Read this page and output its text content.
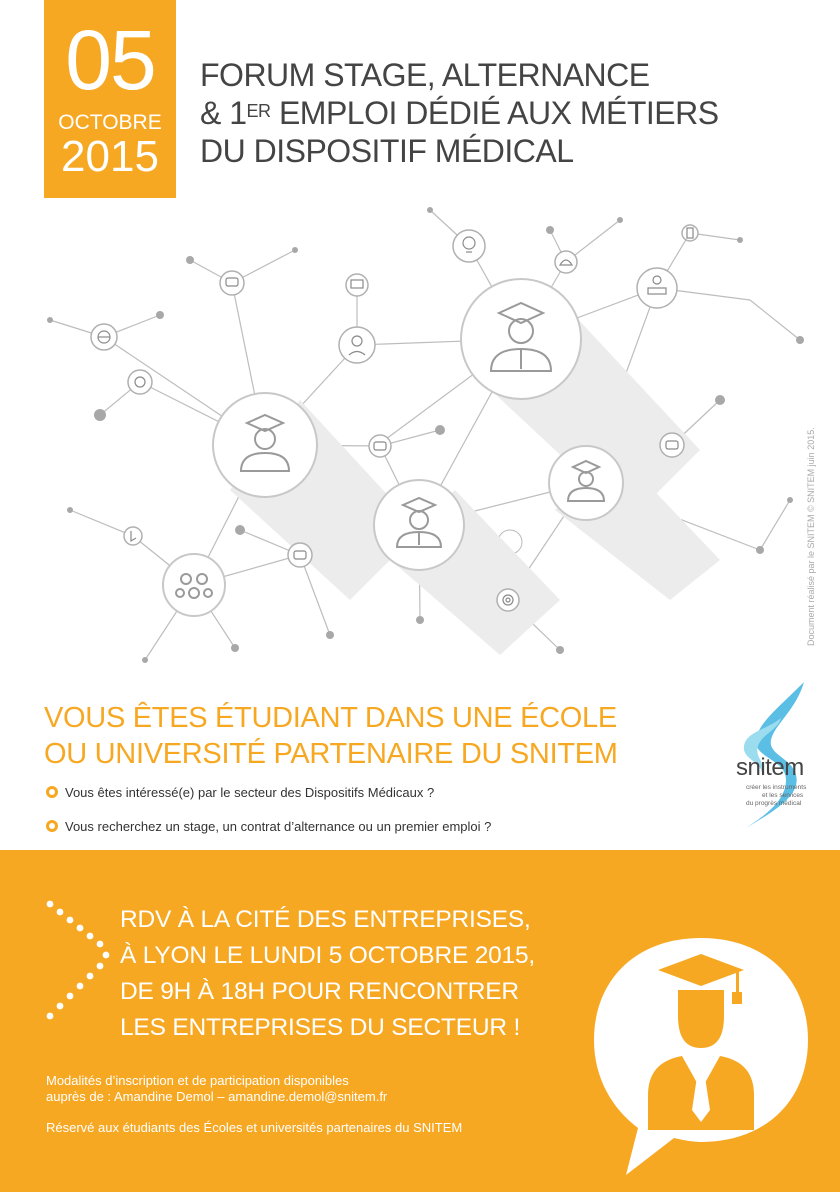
05
OCTOBRE
2015
FORUM STAGE, ALTERNANCE
& 1ER EMPLOI DÉDIÉ AUX MÉTIERS
DU DISPOSITIF MÉDICAL
Document réalisé par le SNITEM © SNITEM juin 2015.
VOUS ÊTES ÉTUDIANT DANS UNE ÉCOLE
OU UNIVERSITÉ PARTENAIRE DU SNITEM
Vous êtes intéressé(e) par le secteur des Dispositifs Médicaux ?
Vous recherchez un stage, un contrat d’alternance ou un premier emploi ?
snitem
créer les instruments
et les services
du progrès médical
RDV À LA CITÉ DES ENTREPRISES,
À LYON LE LUNDI 5 OCTOBRE 2015,
DE 9H À 18H POUR RENCONTRER
LES ENTREPRISES DU SECTEUR !
Modalités d’inscription et de participation disponibles
auprès de : Amandine Demol – amandine.demol@snitem.fr
Réservé aux étudiants des Écoles et universités partenaires du SNITEM
